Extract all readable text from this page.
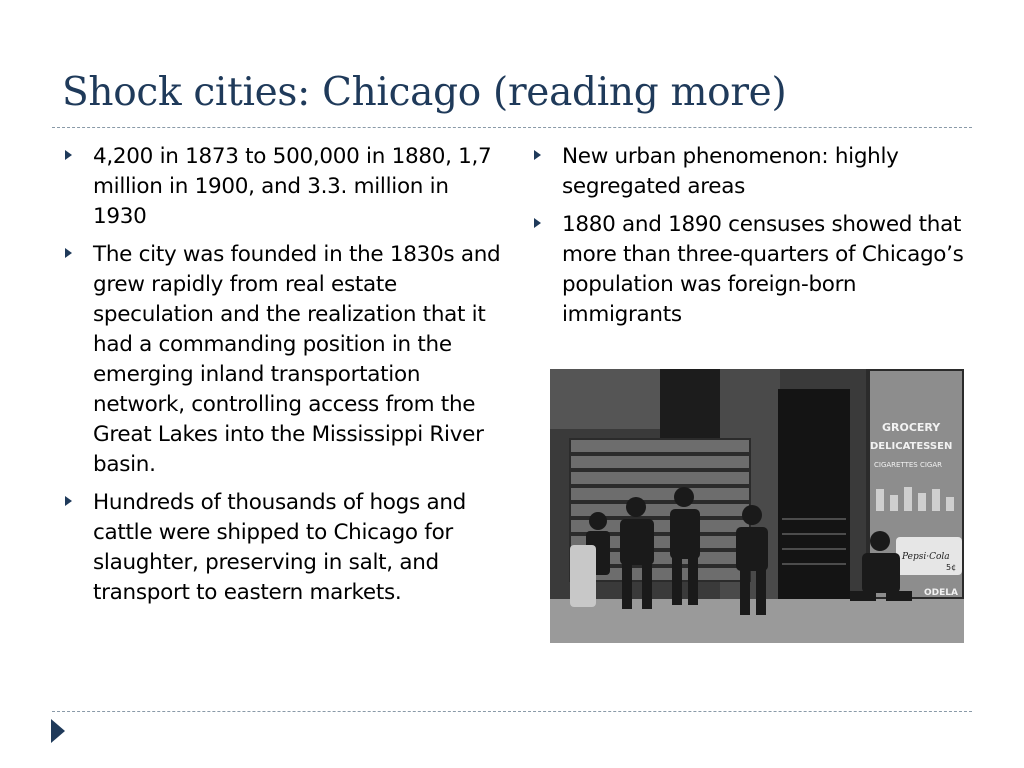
Shock cities: Chicago (reading more)
4,200 in 1873 to 500,000 in 1880, 1,7 million in 1900, and 3.3. million in 1930
The city was founded in the 1830s and grew rapidly from real estate speculation and the realization that it had a commanding position in the emerging inland transportation network, controlling access from the Great Lakes into the Mississippi River basin.
Hundreds of thousands of hogs and cattle were shipped to Chicago for slaughter, preserving in salt, and transport to eastern markets.
New urban phenomenon: highly segregated areas
1880 and 1890 censuses showed that more than three-quarters of Chicago’s population was foreign-born immigrants
GROCERY
DELICATESSEN
CIGARETTES CIGAR
Pepsi·Cola
5¢
ODELA
